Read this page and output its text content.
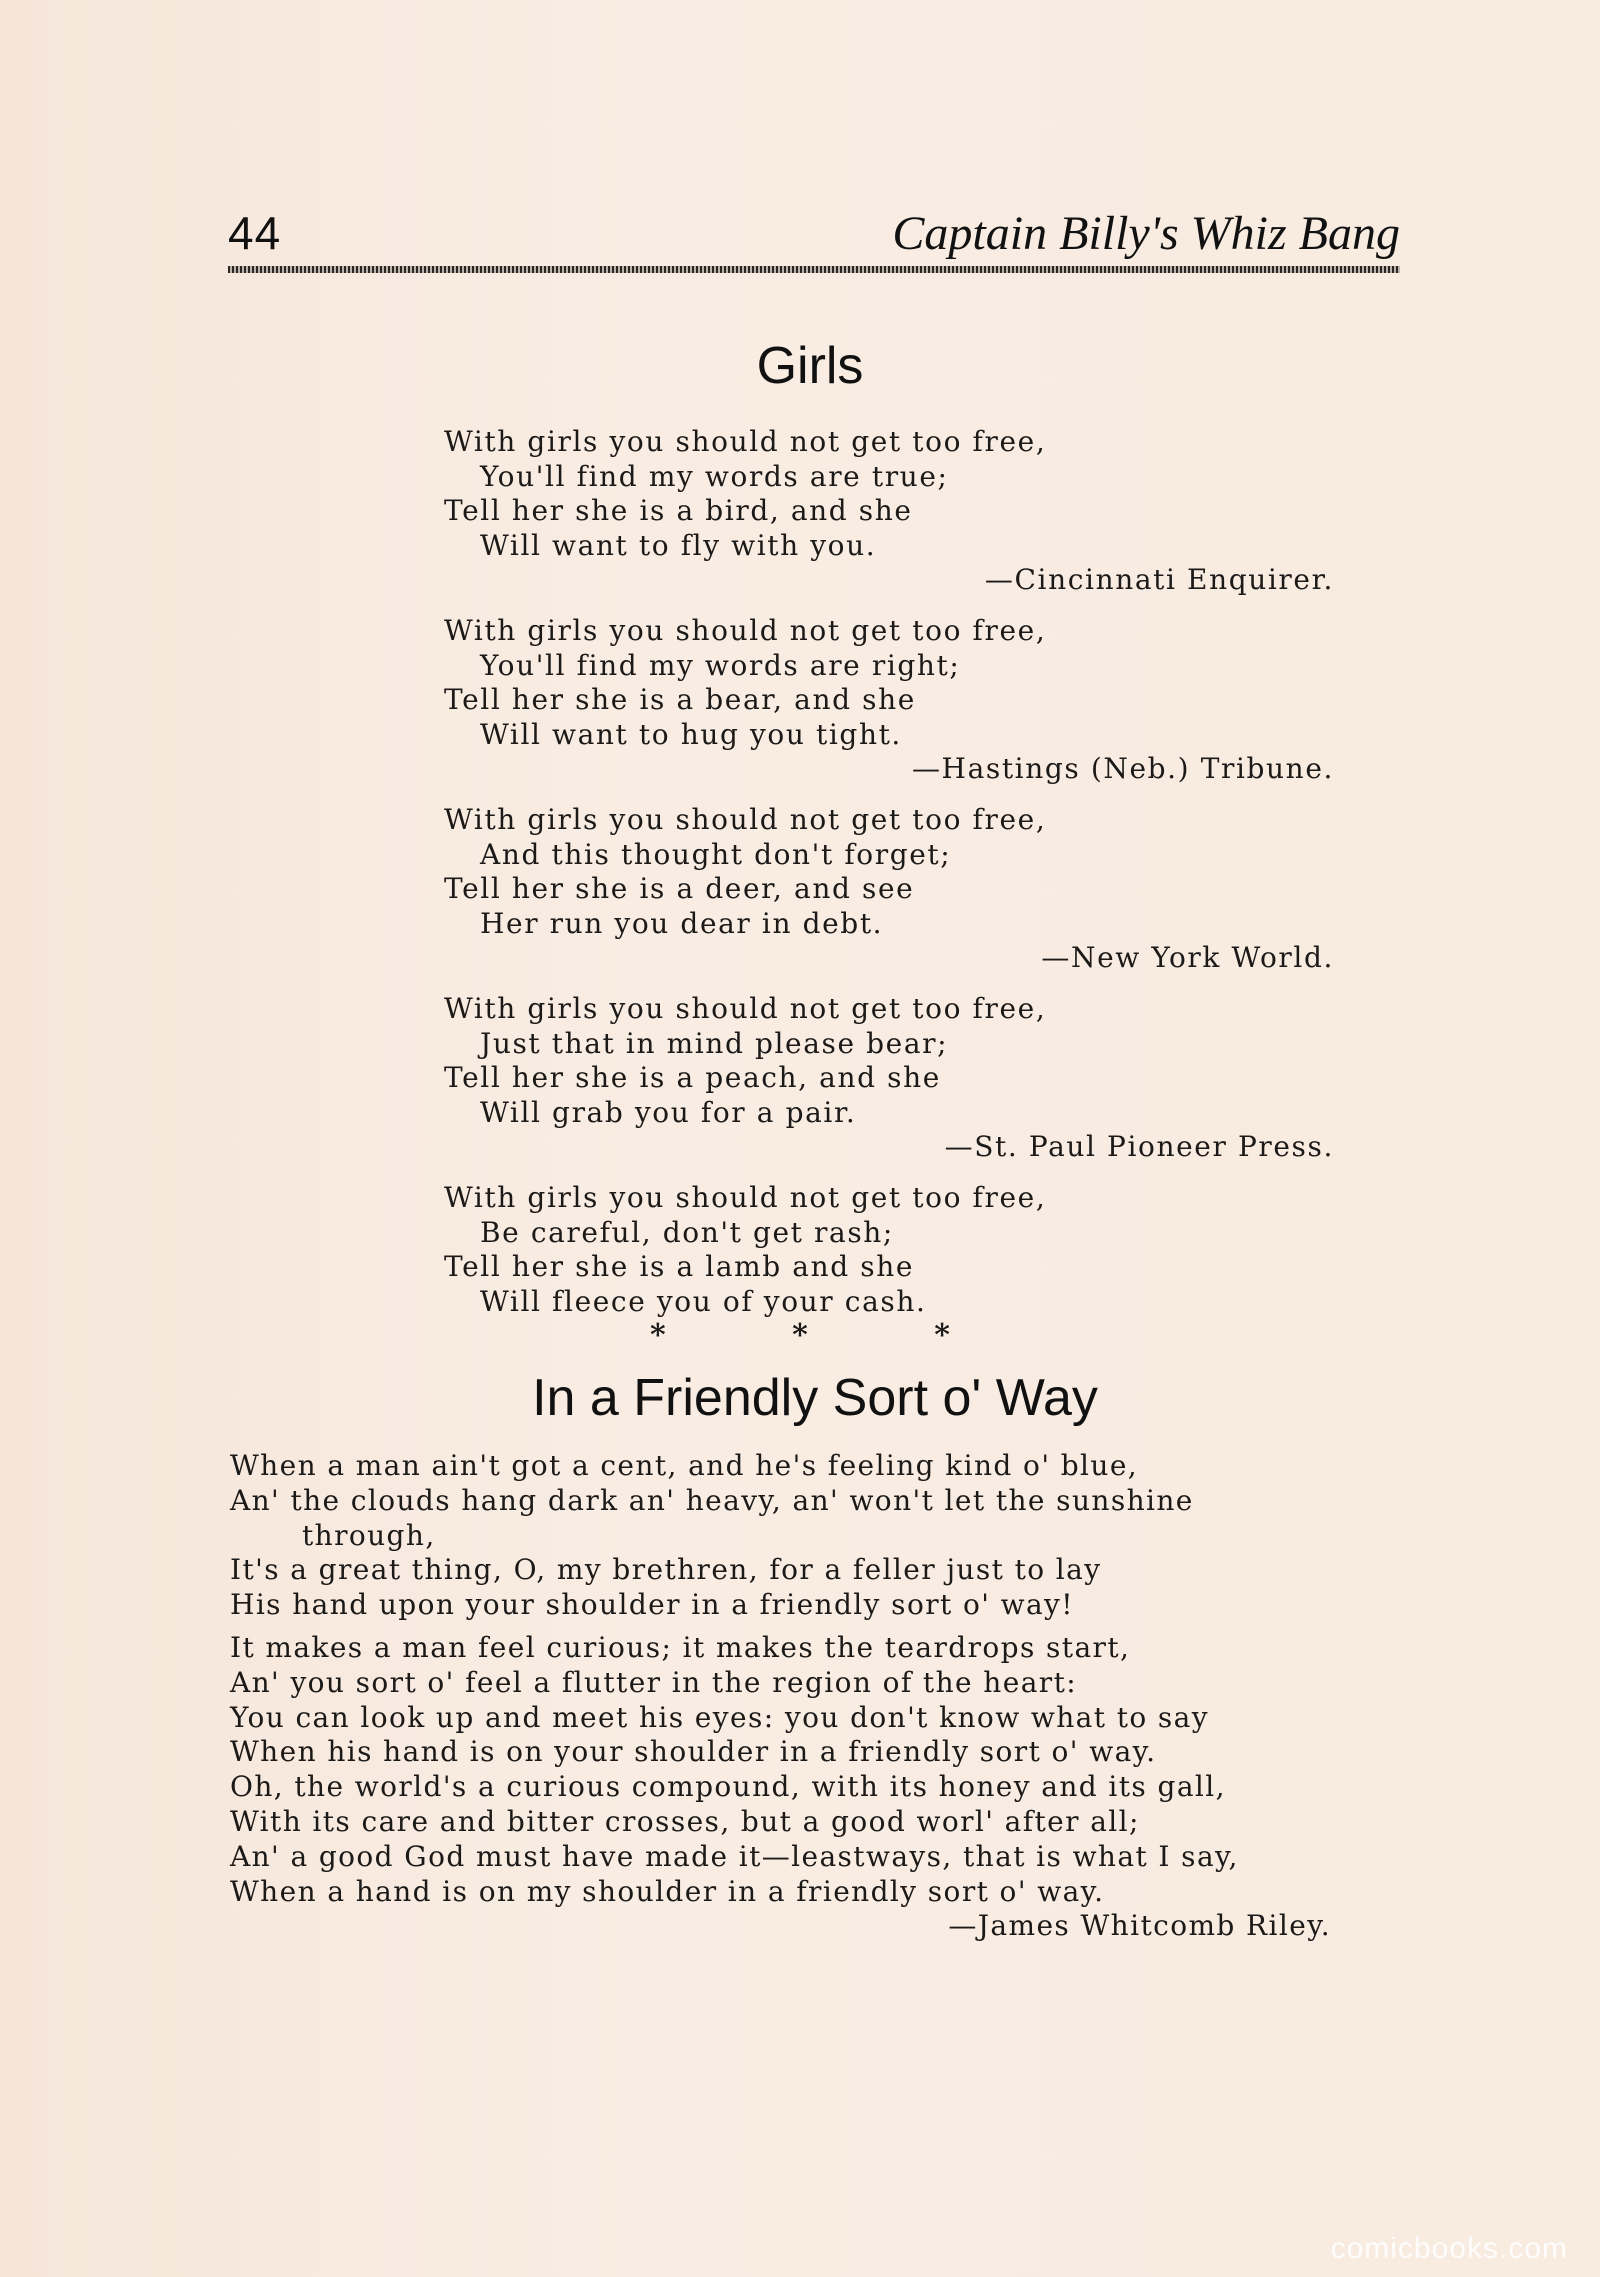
44	Captain Billy's Whiz Bang
Girls
With girls you should not get too free,
You'll find my words are true;
Tell her she is a bird, and she
Will want to fly with you.
—Cincinnati Enquirer.
With girls you should not get too free,
You'll find my words are right;
Tell her she is a bear, and she
Will want to hug you tight.
—Hastings (Neb.) Tribune.
With girls you should not get too free,
And this thought don't forget;
Tell her she is a deer, and see
Her run you dear in debt.
—New York World.
With girls you should not get too free,
Just that in mind please bear;
Tell her she is a peach, and she
Will grab you for a pair.
—St. Paul Pioneer Press.
With girls you should not get too free,
Be careful, don't get rash;
Tell her she is a lamb and she
Will fleece you of your cash.
*	*	*
In a Friendly Sort o' Way
When a man ain't got a cent, and he's feeling kind o' blue,
An' the clouds hang dark an' heavy, an' won't let the sunshine
through,
It's a great thing, O, my brethren, for a feller just to lay
His hand upon your shoulder in a friendly sort o' way!
It makes a man feel curious; it makes the teardrops start,
An' you sort o' feel a flutter in the region of the heart:
You can look up and meet his eyes: you don't know what to say
When his hand is on your shoulder in a friendly sort o' way.
Oh, the world's a curious compound, with its honey and its gall,
With its care and bitter crosses, but a good worl' after all;
An' a good God must have made it—leastways, that is what I say,
When a hand is on my shoulder in a friendly sort o' way.
—James Whitcomb Riley.
comicbooks.com
